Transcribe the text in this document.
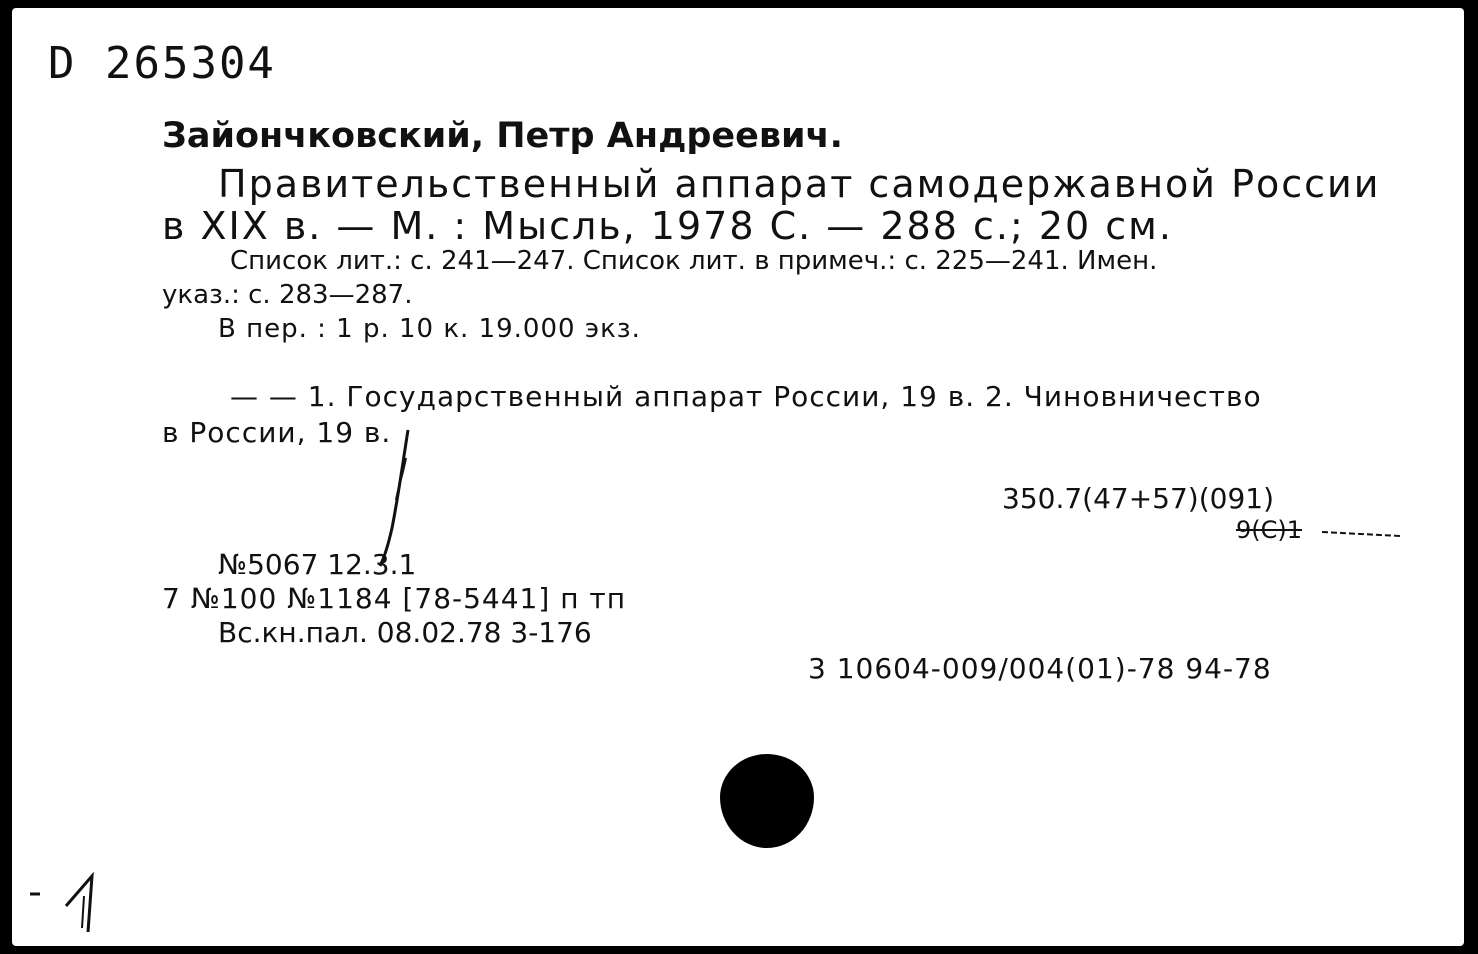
D 265304

Зайончковский, Петр Андреевич.

Правительственный аппарат самодержавной России

в XIX в. — М. : Мысль, 1978 С. — 288 с.; 20 см.

Список лит.: с. 241—247. Список лит. в примеч.: с. 225—241. Имен.

указ.: с. 283—287.

В пер. : 1 р. 10 к. 19.000 экз.

— — 1. Государственный аппарат России, 19 в. 2. Чиновничество

в России, 19 в.

350.7(47+57)(091)

9(C)1

№5067 12.3.1

7 №100 №1184 [78-5441] п тп

Вс.кн.пал. 08.02.78 3-176

3 10604-009/004(01)-78 94-78
